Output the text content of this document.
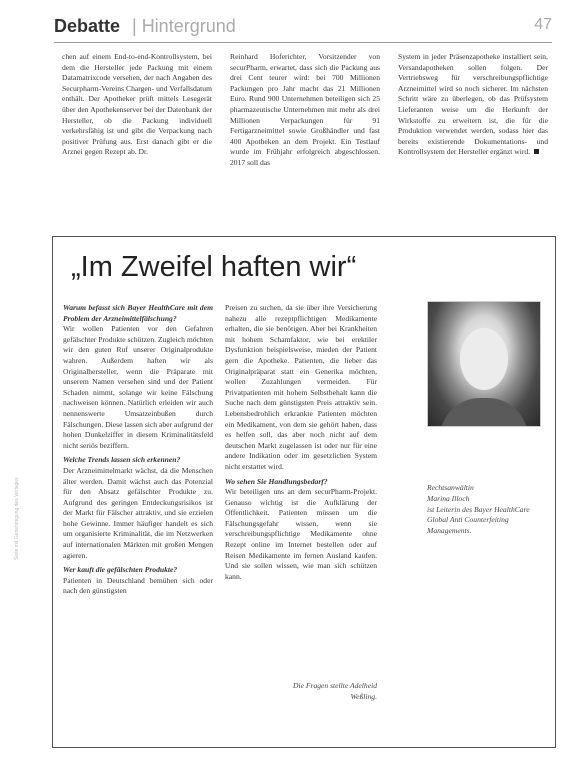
Debatte | Hintergrund	47
chen auf einem End-to-end-Kontrollsystem, bei dem die Hersteller jede Packung mit einem Datamatrixcode versehen, der nach Angaben des Securpharm-Vereins Chargen- und Verfallsdatum enthält. Der Apotheker prüft mittels Lesegerät über den Apothekenserver bei der Datenbank der Hersteller, ob die Packung individuell verkehrsfähig ist und gibt die Verpackung nach positiver Prüfung aus. Erst danach gibt er die Arznei gegen Rezept ab. Dr.
Reinhard Hoferichter, Vorsitzender von securPharm, erwartet, dass sich die Packung aus drei Cent teurer wird: bei 700 Millionen Packungen pro Jahr macht das 21 Millionen Euro. Rund 900 Unternehmen beteiligen sich 25 pharmazeutische Unternehmen mit mehr als drei Millionen Verpackungen für 91 Fertigarzneimittel sowie Großhändler und fast 400 Apotheken an dem Projekt. Ein Testlauf wurde im Frühjahr erfolgreich abgeschlossen. 2017 soll das
System in jeder Präsenzapotheke installiert sein, Versandapotheken sollen folgen. Der Vertriebsweg für verschreibungspflichtige Arzneimittel wird so noch sicherer. Im nächsten Schritt wäre zu überlegen, ob das Prüfsystem Lieferanten weise um die Herkunft der Wirkstoffe zu erweitern ist, die für die Produktion verwendet werden, sodass hier das bereits existierende Dokumentations- und Kontrollsystem der Hersteller ergänzt wird.
„Im Zweifel haften wir“
Warum befasst sich Bayer HealthCare mit dem Problem der Arzneimittelfälschung?
Wir wollen Patienten vor den Gefahren gefälschter Produkte schützen. Zugleich möchten wir den guten Ruf unserer Originalprodukte wahren. Außerdem haften wir als Originalhersteller, wenn die Präparate mit unserem Namen versehen sind und der Patient Schaden nimmt, solange wir keine Fälschung nachweisen können. Natürlich erleiden wir auch nennenswerte Umsatzeinbußen durch Fälschungen. Diese lassen sich aber aufgrund der hohen Dunkelziffer in diesem Kriminalitätsfeld nicht seriös beziffern.
Welche Trends lassen sich erkennen?
Der Arzneimittelmarkt wächst, da die Menschen älter werden. Damit wächst auch das Potenzial für den Absatz gefälschter Produkte zu. Aufgrund des geringen Entdeckungsrisikos ist der Markt für Fälscher attraktiv, und sie erzielen hohe Gewinne. Immer häufiger handelt es sich um organisierte Kriminalität, die im Netzwerken auf internationalen Märkten mit großen Mengen agieren.
Wer kauft die gefälschten Produkte?
Patienten in Deutschland bemühen sich oder nach den günstigsten
Preisen zu suchen, da sie über ihre Versicherung nahezu alle rezeptpflichtigen Medikamente erhalten, die sie benötigen. Aber bei Krankheiten mit hohem Schamfaktor, wie bei erektiler Dysfunktion beispielsweise, mieden der Patient gern die Apotheke. Patienten, die lieber das Originalpräparat statt ein Generika möchten, wollen Zuzahlungen vermeiden. Für Privatpatienten mit hohem Selbstbehalt kann die Suche nach dem günstigsten Preis attraktiv sein. Lebensbedrohlich erkrankte Patienten möchten ein Medikament, von dem sie gehört haben, dass es helfen soll, das aber noch nicht auf dem deutschen Markt zugelassen ist oder nur für eine andere Indikation oder im gesetzlichen System nicht erstattet wird.
Wo sehen Sie Handlungsbedarf?
Wir beteiligen uns an dem securPharm-Projekt. Genauso wichtig ist die Aufklärung der Öffentlichkeit. Patienten müssen um die Fälschungsgefahr wissen, wenn sie verschreibungspflichtige Medikamente ohne Rezept online im Internet bestellen oder auf Reisen Medikamente im fernen Ausland kaufen. Und sie sollen wissen, wie man sich schützen kann.
Rechtsanwältin
Marina Illoch
ist Leiterin des Bayer HealthCare Global Anti Counterfeiting Managements.
Die Fragen stellte Adelheid Weßling.
Seite mit Genehmigung des Verlages
